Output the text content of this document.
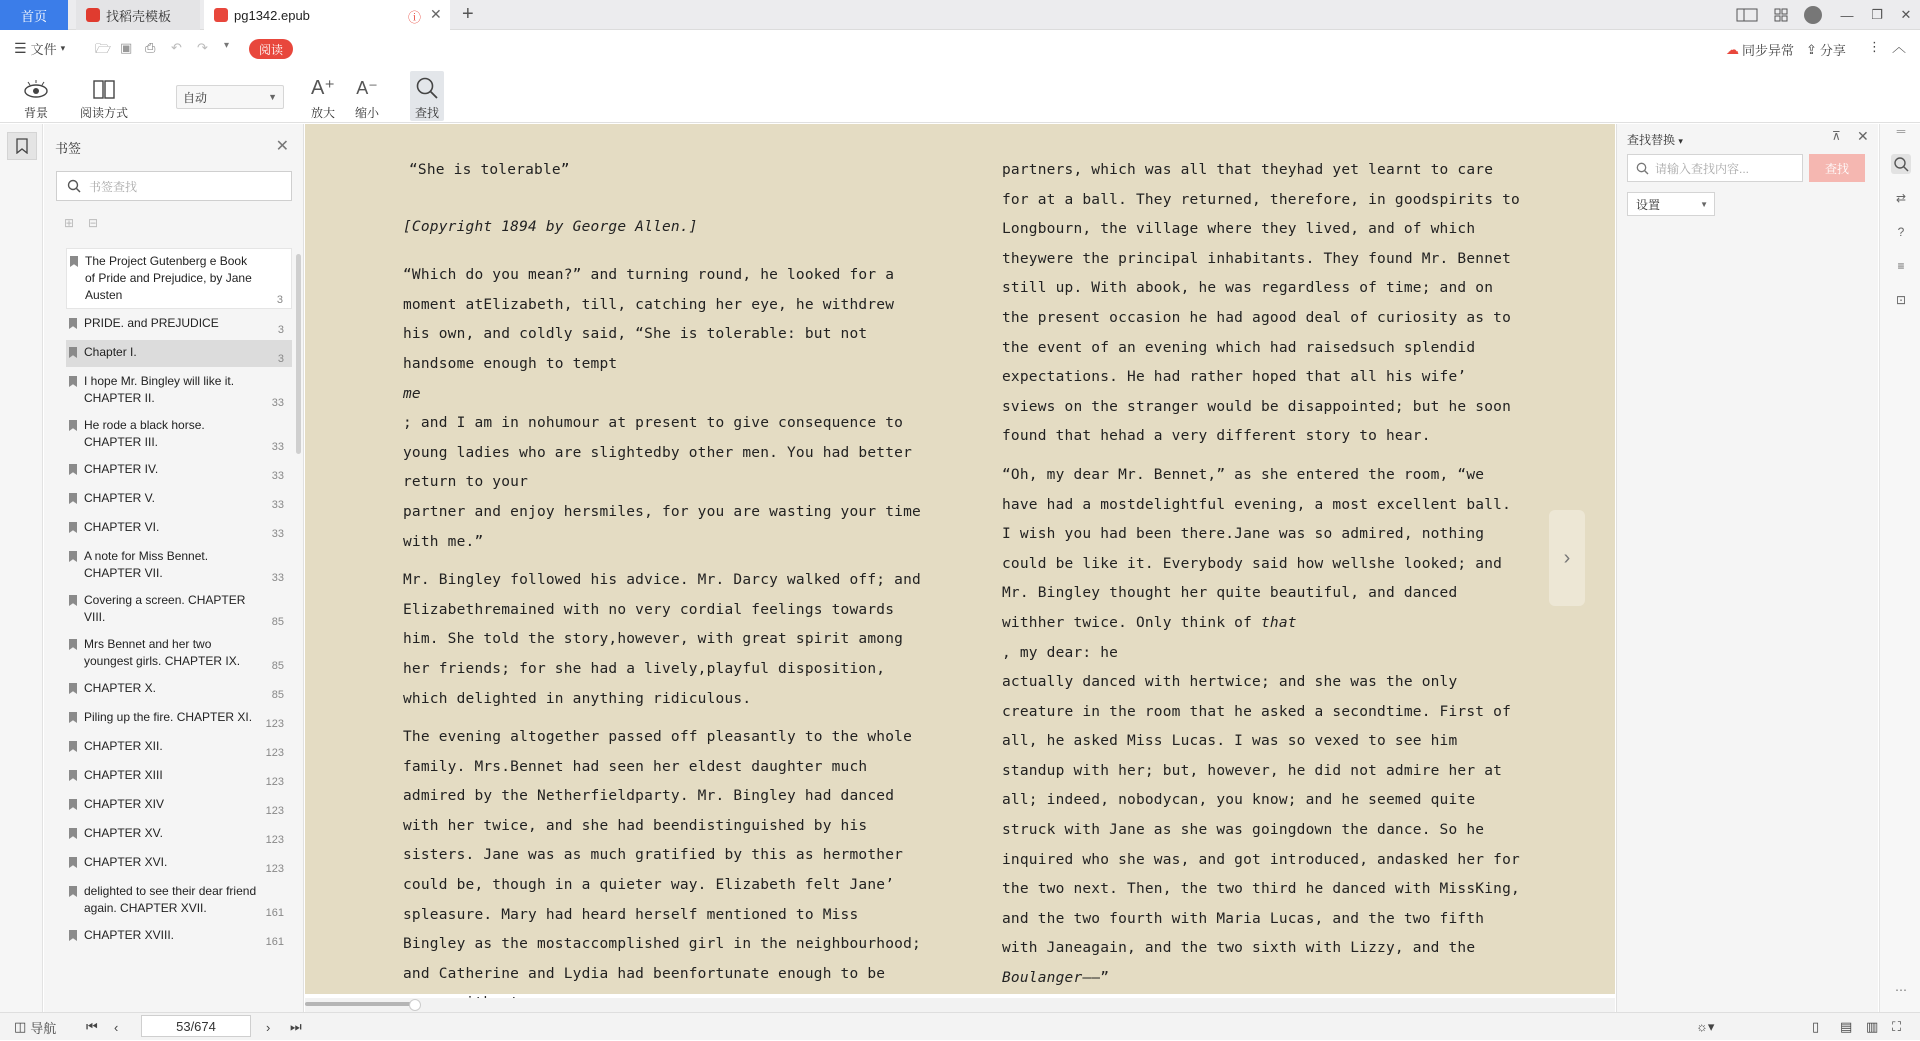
首页	找稻壳模板	pg1342.epub	ⓘ ✕ +	—	❐	✕
☰ 文件 ▾ 🗁 ▣ ⎙ ↶ ↷ ▾ 阅读	☁ 同步异常 ⇪ 分享 ⋮ ︿
背景	阅读方式
自动	▼ A⁺
放大
A⁻
缩小	查找
书签	✕
书签查找
⊞ ⊟
The Project Gutenberg e Book of Pride and Prejudice, by Jane Austen	3
PRIDE. and PREJUDICE	3
Chapter I.	3
I hope Mr. Bingley will like it. CHAPTER II.	33
He rode a black horse. CHAPTER III.	33
CHAPTER IV.	33
CHAPTER V.	33
CHAPTER VI.	33
A note for Miss Bennet. CHAPTER VII.	33
Covering a screen. CHAPTER VIII.	85
Mrs Bennet and her two youngest girls. CHAPTER IX.	85
CHAPTER X.	85
Piling up the fire. CHAPTER XI.	123
CHAPTER XII.	123
CHAPTER XIII	123
CHAPTER XIV	123
CHAPTER XV.	123
CHAPTER XVI.	123
delighted to see their dear friend again. CHAPTER XVII.	161
CHAPTER XVIII.	161

“She is tolerable”

[Copyright 1894 by George Allen.]

“Which do you mean?” and turning round, he looked for a moment atElizabeth, till, catching her eye, he withdrew his own, and coldly said, “She is tolerable: but not handsome enough to tempt

me

; and I am in nohumour at present to give consequence to young ladies who are slightedby other men. You had better return to your

partner and enjoy hersmiles, for you are wasting your time with me.”

Mr. Bingley followed his advice. Mr. Darcy walked off; and Elizabethremained with no very cordial feelings towards him. She told the story,however, with great spirit among her friends; for she had a lively,playful disposition, which delighted in anything ridiculous.

The evening altogether passed off pleasantly to the whole family. Mrs.Bennet had seen her eldest daughter much admired by the Netherfieldparty. Mr. Bingley had danced with her twice, and she had beendistinguished by his sisters. Jane was as much gratified by this as hermother could be, though in a quieter way. Elizabeth felt Jane’ spleasure. Mary had heard herself mentioned to Miss Bingley as the mostaccomplished girl in the neighbourhood; and Catherine and Lydia had beenfortunate enough to be

partners, which was all that theyhad yet learnt to care for at a ball. They returned, therefore, in goodspirits to Longbourn, the village where they lived, and of which theywere the principal inhabitants. They found Mr. Bennet still up. With abook, he was regardless of time; and on the present occasion he had agood deal of curiosity as to the event of an evening which had raisedsuch splendid expectations. He had rather hoped that all his wife’ sviews on the stranger would be disappointed; but he soon found that hehad a very different story to hear.

“Oh, my dear Mr. Bennet,” as she entered the room, “we have had a mostdelightful evening, a most excellent ball. I wish you had been there.Jane was so admired, nothing could be like it. Everybody said how wellshe looked; and Mr. Bingley thought her quite beautiful, and danced withher twice. Only think of that

, my dear: he

actually danced with hertwice; and she was the only creature in the room that he asked a secondtime. First of all, he asked Miss Lucas. I was so vexed to see him standup with her; but, however, he did not admire her at all; indeed, nobodycan, you know; and he seemed quite struck with Jane as she was goingdown the dance. So he inquired who she was, and got introduced, andasked her for the two next. Then, the two third he danced with MissKing, and the two fourth with Maria Lucas, and the two fifth with Janeagain, and the two sixth with Lizzy, and the Boulanger——”

›
查找替换 ▾	⊼ ✕
请输入查找内容...	查找
设置	▼
═
⇄
?
≡
⊡
⋯
◫ 导航 ⏮ ‹	53/674	› ⏭	☼▾	▯ ▤ ▥ ⛶
